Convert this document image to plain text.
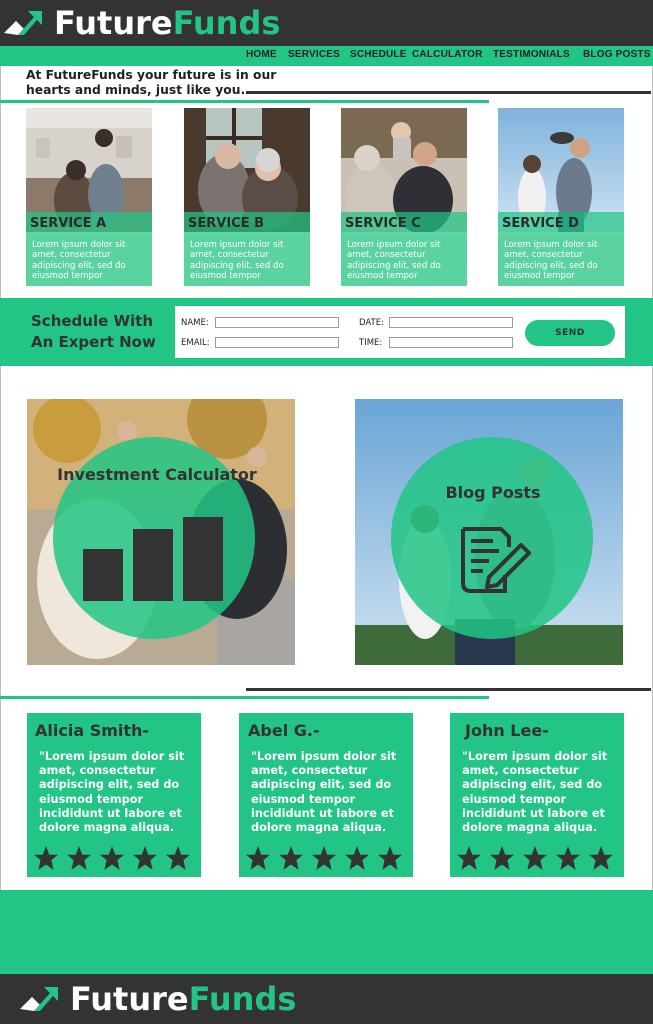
FutureFunds
HOME SERVICES SCHEDULE CALCULATOR TESTIMONIALS BLOG POSTS
At FutureFunds your future is in our hearts and minds, just like you.
SERVICE A
Lorem ipsum dolor sit amet, consectetur adipiscing elit, sed do eiusmod tempor
SERVICE B
Lorem ipsum dolor sit amet, consectetur adipiscing elit, sed do eiusmod tempor
SERVICE C
Lorem ipsum dolor sit amet, consectetur adipiscing elit, sed do eiusmod tempor
SERVICE D
Lorem ipsum dolor sit amet, consectetur adipiscing elit, sed do eiusmod tempor
Schedule With An Expert Now
NAME:
EMAIL:
DATE:
TIME:
SEND
Investment Calculator
Blog Posts
Alicia Smith-
"Lorem ipsum dolor sit amet, consectetur adipiscing elit, sed do eiusmod tempor incididunt ut labore et dolore magna aliqua.
Abel G.-
"Lorem ipsum dolor sit amet, consectetur adipiscing elit, sed do eiusmod tempor incididunt ut labore et dolore magna aliqua.
John Lee-
"Lorem ipsum dolor sit amet, consectetur adipiscing elit, sed do eiusmod tempor incididunt ut labore et dolore magna aliqua.
FutureFunds
